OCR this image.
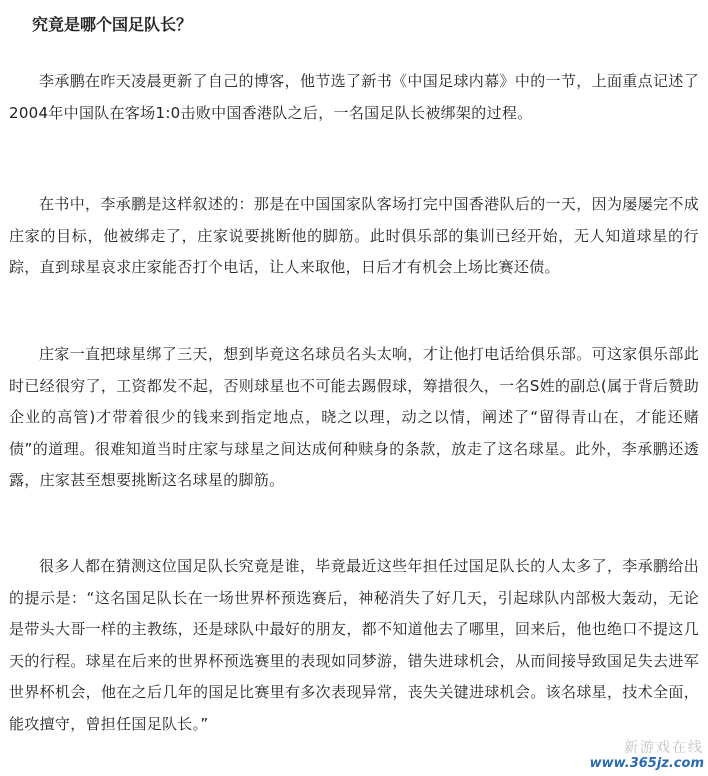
究竟是哪个国足队长？

李承鹏在昨天凌晨更新了自己的博客，他节选了新书《中国足球内幕》中的一节，上面重点记述了2004年中国队在客场1:0击败中国香港队之后，一名国足队长被绑架的过程。

在书中，李承鹏是这样叙述的：那是在中国国家队客场打完中国香港队后的一天，因为屡屡完不成庄家的目标，他被绑走了，庄家说要挑断他的脚筋。此时俱乐部的集训已经开始，无人知道球星的行踪，直到球星哀求庄家能否打个电话，让人来取他，日后才有机会上场比赛还债。

庄家一直把球星绑了三天，想到毕竟这名球员名头太响，才让他打电话给俱乐部。可这家俱乐部此时已经很穷了，工资都发不起，否则球星也不可能去踢假球，筹措很久，一名S姓的副总(属于背后赞助企业的高管)才带着很少的钱来到指定地点，晓之以理，动之以情，阐述了“留得青山在，才能还赌债”的道理。很难知道当时庄家与球星之间达成何种赎身的条款，放走了这名球星。此外，李承鹏还透露，庄家甚至想要挑断这名球星的脚筋。

很多人都在猜测这位国足队长究竟是谁，毕竟最近这些年担任过国足队长的人太多了，李承鹏给出的提示是：“这名国足队长在一场世界杯预选赛后，神秘消失了好几天，引起球队内部极大轰动，无论是带头大哥一样的主教练，还是球队中最好的朋友，都不知道他去了哪里，回来后，他也绝口不提这几天的行程。球星在后来的世界杯预选赛里的表现如同梦游，错失进球机会，从而间接导致国足失去进军世界杯机会，他在之后几年的国足比赛里有多次表现异常，丧失关键进球机会。该名球星，技术全面，能攻擅守，曾担任国足队长。”

新游戏在线
www.365jz.com
